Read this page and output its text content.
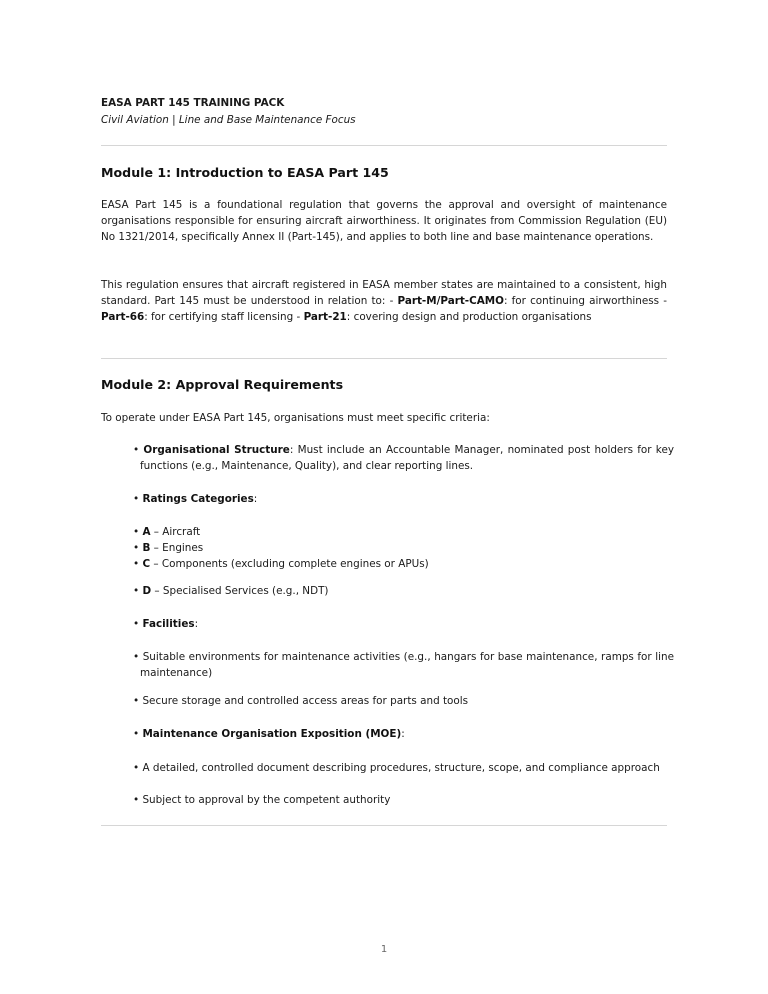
EASA PART 145 TRAINING PACK
Civil Aviation | Line and Base Maintenance Focus
Module 1: Introduction to EASA Part 145
EASA Part 145 is a foundational regulation that governs the approval and oversight of maintenance organisations responsible for ensuring aircraft airworthiness. It originates from Commission Regulation (EU) No 1321/2014, specifically Annex II (Part-145), and applies to both line and base maintenance operations.
This regulation ensures that aircraft registered in EASA member states are maintained to a consistent, high standard. Part 145 must be understood in relation to: - Part-M/Part-CAMO: for continuing airworthiness - Part-66: for certifying staff licensing - Part-21: covering design and production organisations
Module 2: Approval Requirements
To operate under EASA Part 145, organisations must meet specific criteria:
• Organisational Structure: Must include an Accountable Manager, nominated post holders for key functions (e.g., Maintenance, Quality), and clear reporting lines.
• Ratings Categories:
• A – Aircraft
• B – Engines
• C – Components (excluding complete engines or APUs)
• D – Specialised Services (e.g., NDT)
• Facilities:
• Suitable environments for maintenance activities (e.g., hangars for base maintenance, ramps for line maintenance)
• Secure storage and controlled access areas for parts and tools
• Maintenance Organisation Exposition (MOE):
• A detailed, controlled document describing procedures, structure, scope, and compliance approach
• Subject to approval by the competent authority
1
